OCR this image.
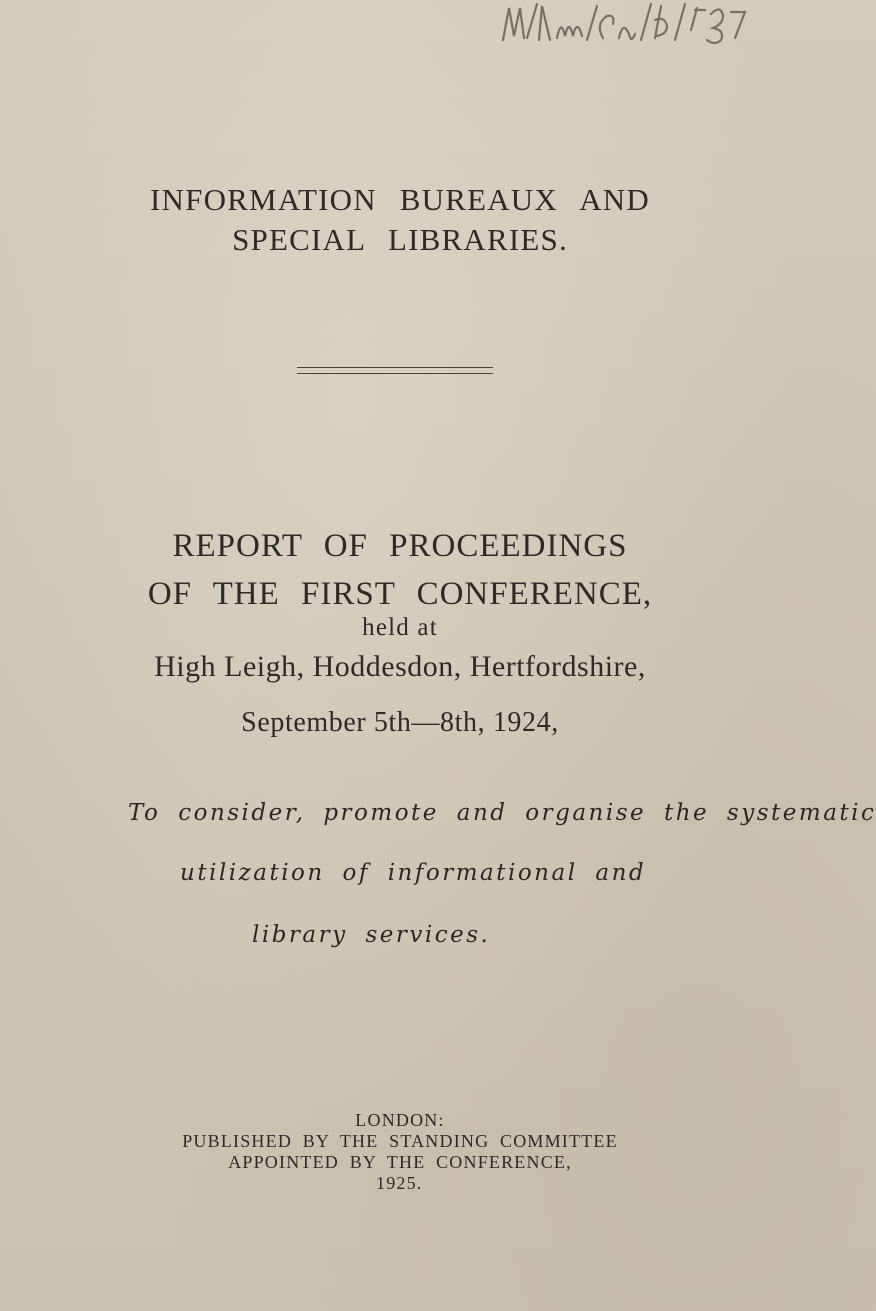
INFORMATION BUREAUX AND
SPECIAL LIBRARIES.
REPORT OF PROCEEDINGS
OF THE FIRST CONFERENCE,
held at
High Leigh, Hoddesdon, Hertfordshire,
September 5th—8th, 1924,
To consider, promote and organise the systematic
utilization of informational and
library services.
LONDON:
PUBLISHED BY THE STANDING COMMITTEE
APPOINTED BY THE CONFERENCE,
1925.
